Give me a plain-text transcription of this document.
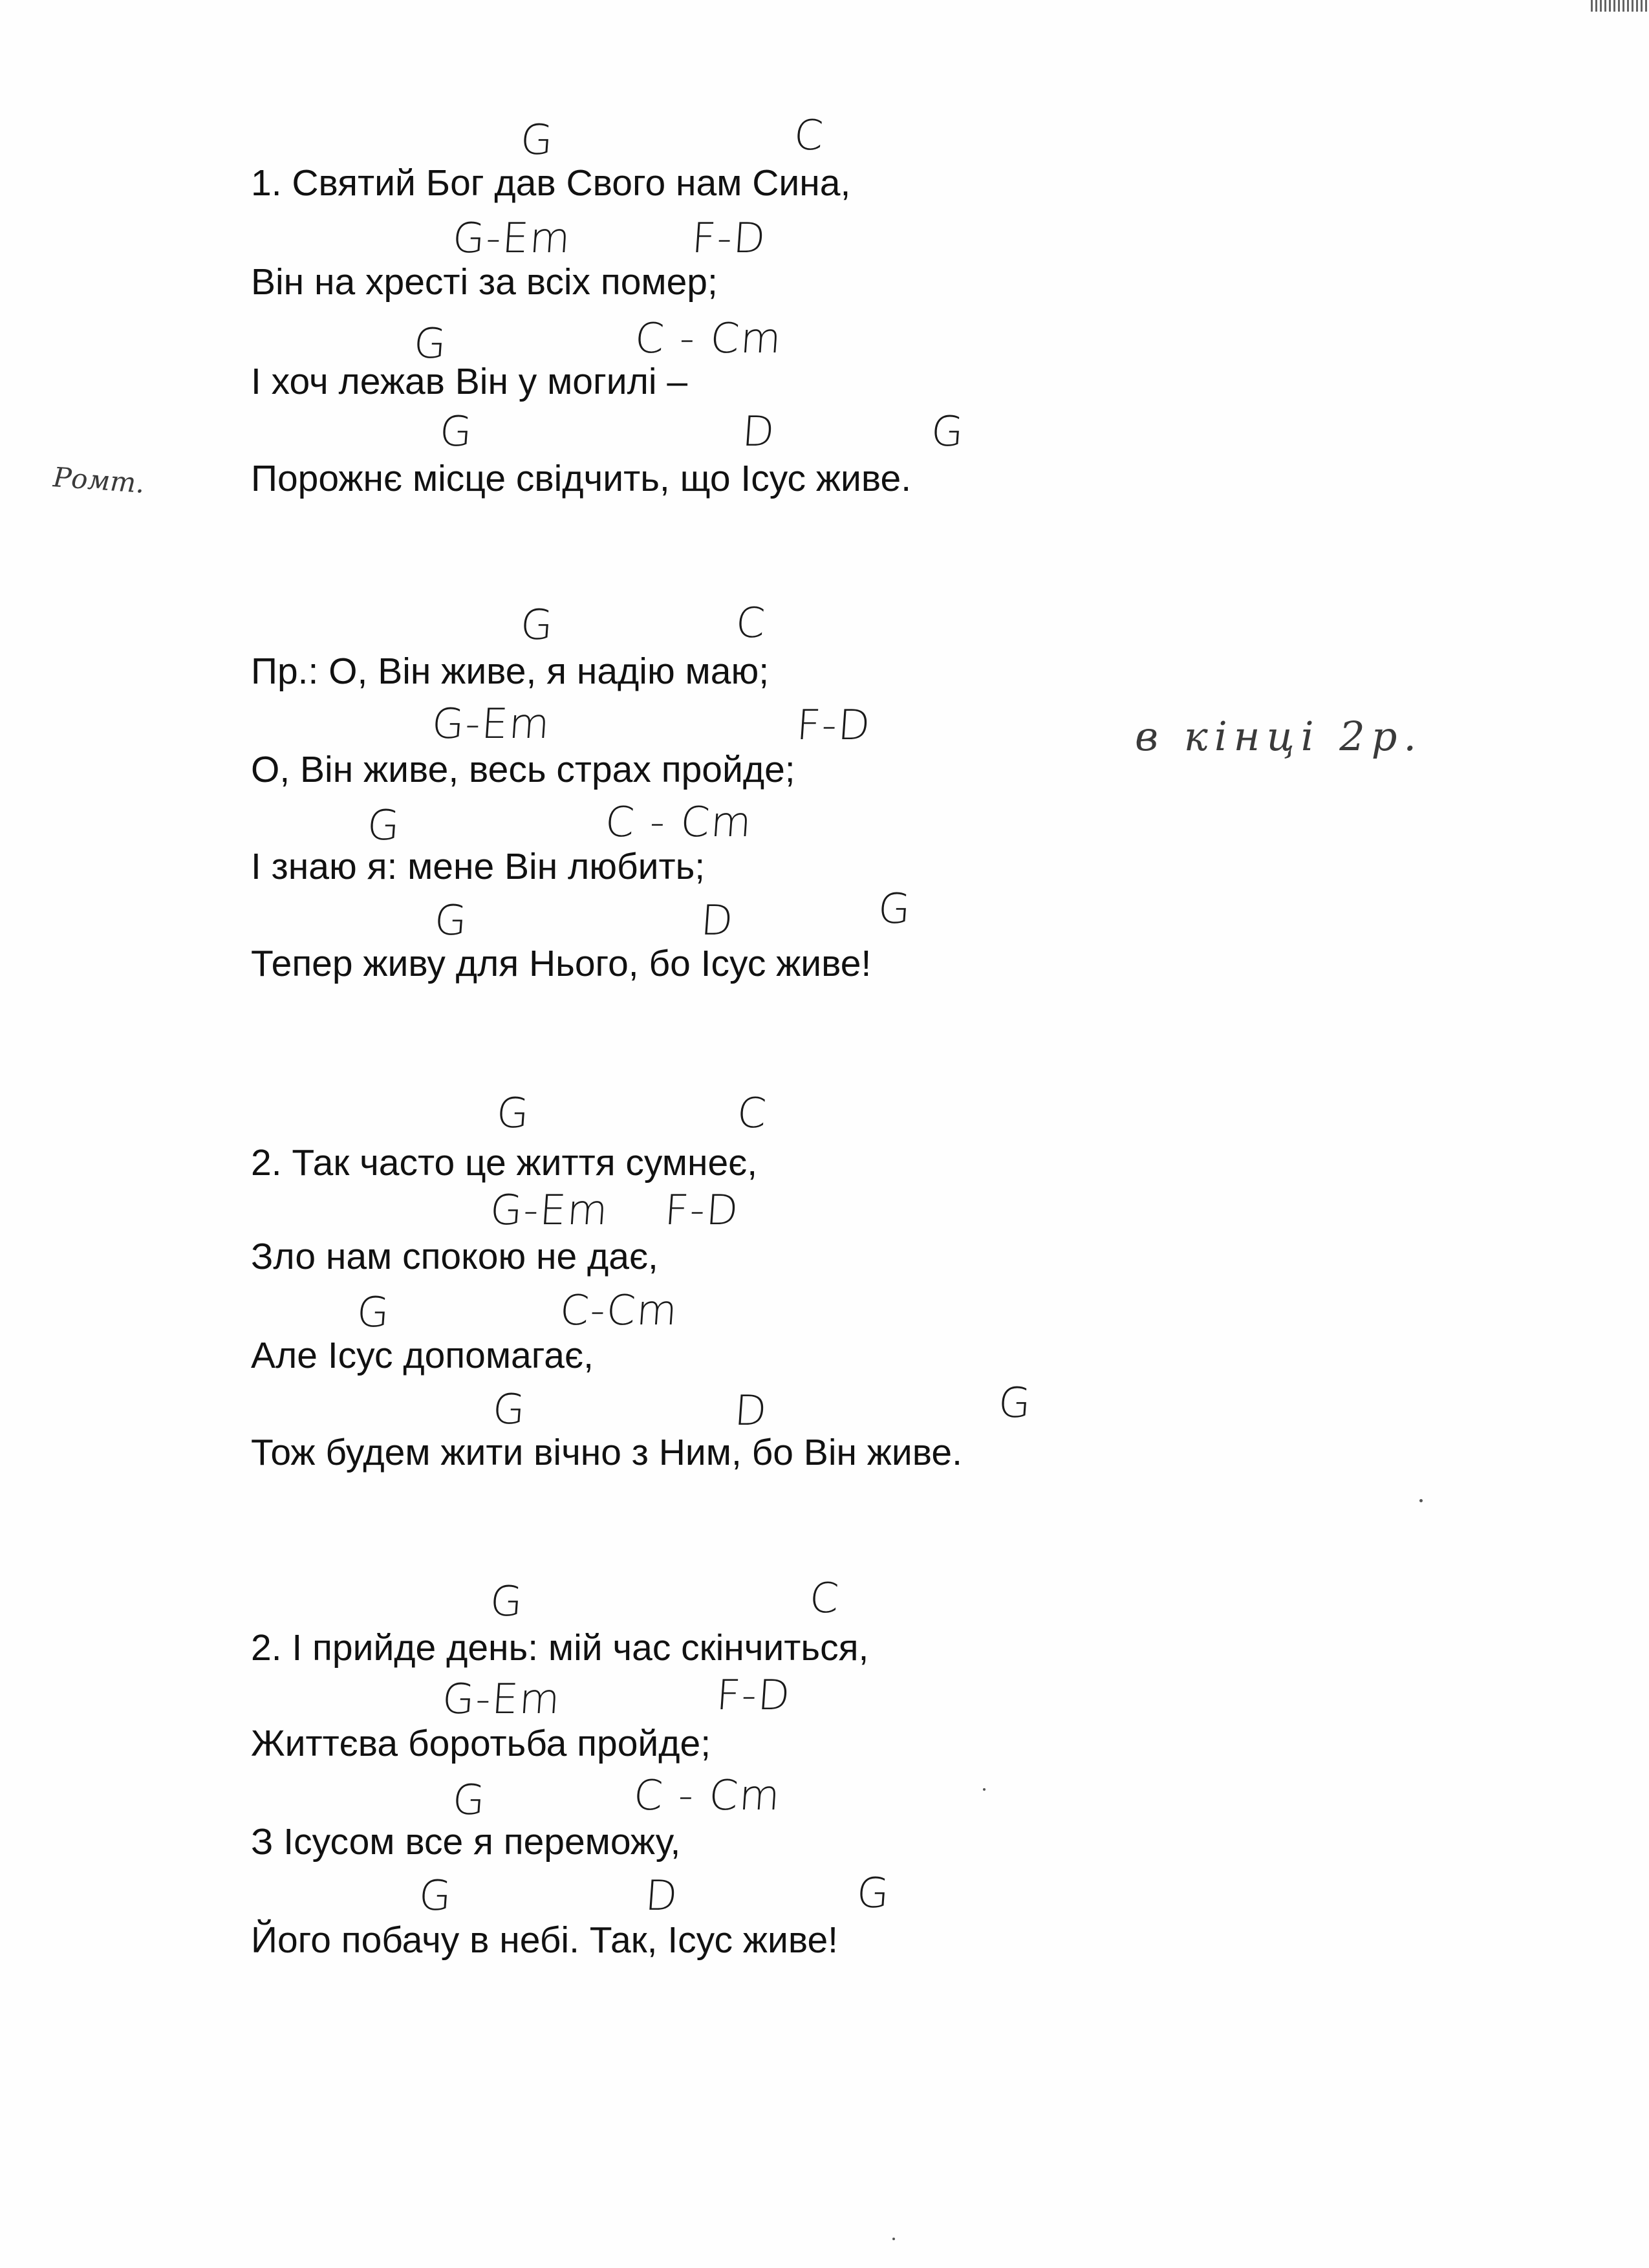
G	C
1. Святий Бог дав Свого нам Сина,
G-Em	F-D
Він на хресті за всіх помер;
G	C - Cm
І хоч лежав Він у могилі –
G	D	G
Порожнє місце свідчить, що Ісус живе.
G	C
Пр.: О, Він живе, я надію маю;
G-Em	F-D
О, Він живе, весь страх пройде;
G	C - Cm
І знаю я: мене Він любить;
G	D	G
Тепер живу для Нього, бо Ісус живе!
G	C
2. Так часто це життя сумнеє,
G-Em F-D
Зло нам спокою не дає,
G	C-Cm
Але Ісус допомагає,
G	D	G
Тож будем жити вічно з Ним, бо Він живе.
G	C
2. І прийде день: мій час скінчиться,
G-Em	F-D
Життєва боротьба пройде;
G	C - Cm
З Ісусом все я переможу,
G	D	G
Його побачу в небі. Так, Ісус живе!
Ромт.
в кінці 2р.
